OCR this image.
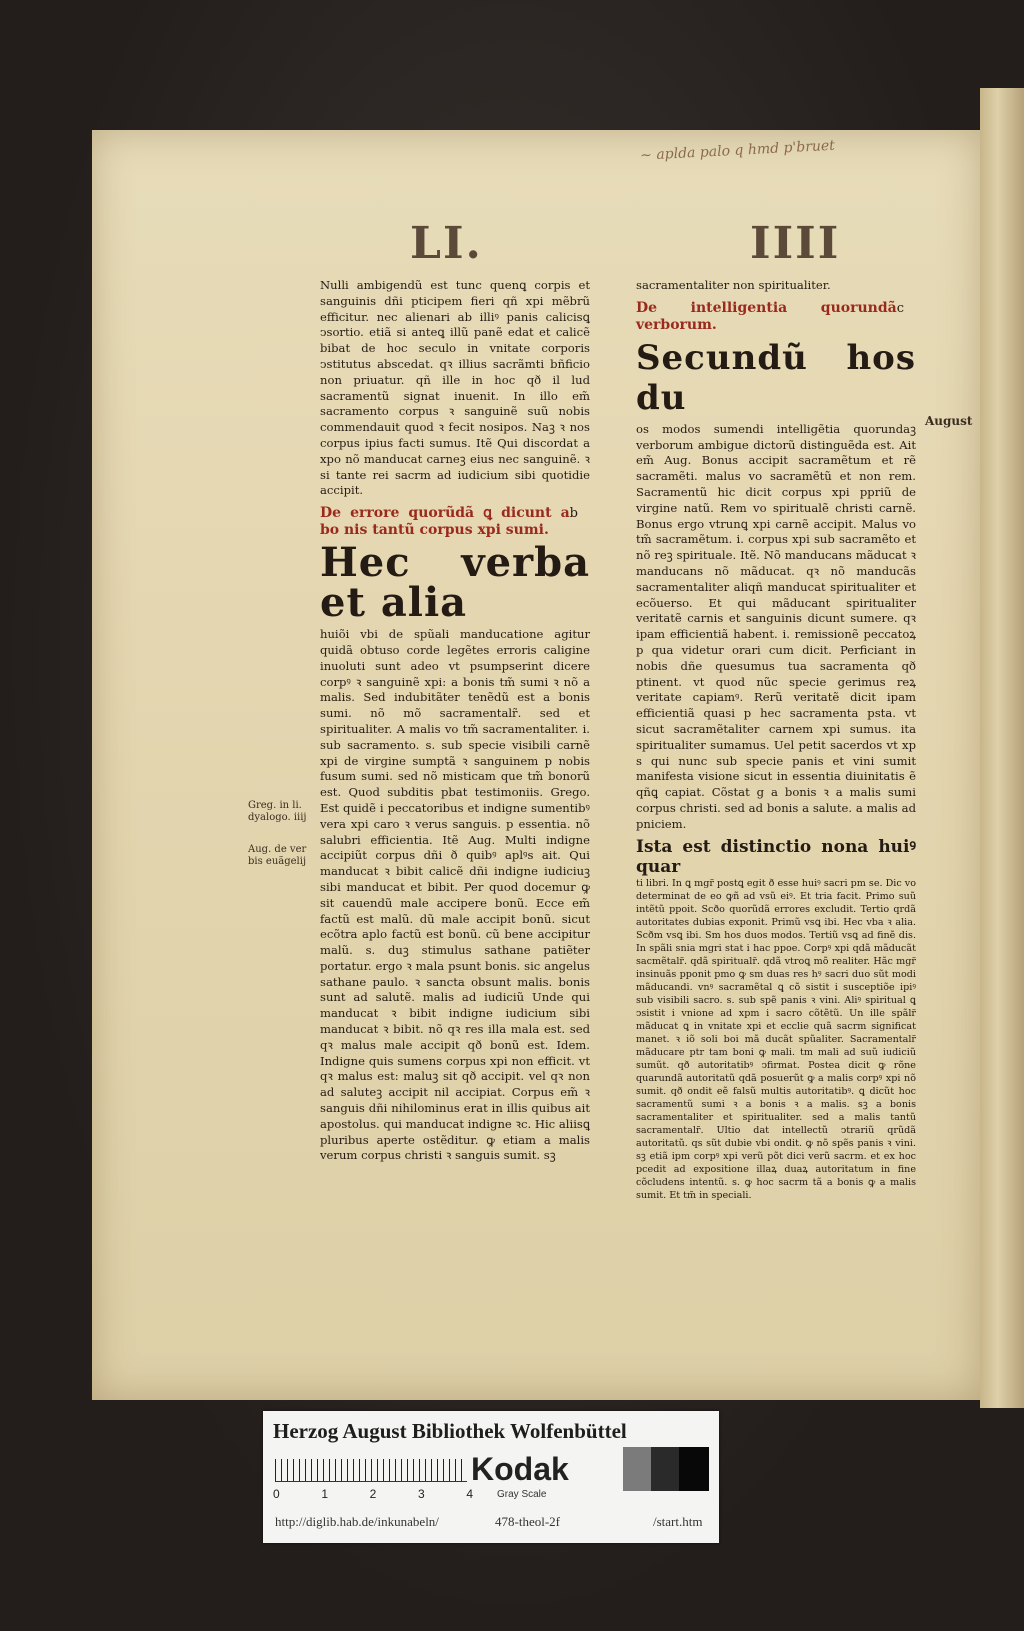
~ aplda palo q hmd p'bruet
LI.	IIII

Nulli ambigendũ est tunc quenꝗ corpis et sanguinis dñi pticipem fieri qñ xpi mẽbrũ efficitur. nec alienari ab illiꝰ panis calicisꝗ ↄsortio. etiã si anteꝗ illũ panẽ edat et calicẽ bibat de hoc seculo in vnitate corporis ↄstitutus abscedat. qꝛ illius sacrãmti bñficio non priuatur. qñ ille in hoc qð il lud sacramentũ signat inuenit. In illo em̃ sacramento corpus ꝛ sanguinẽ suũ nobis commendauit quod ꝛ fecit nosipos. Naꝫ ꝛ nos corpus ipius facti sumus. Itẽ Qui discordat a xpo nõ manducat carneꝫ eius nec sanguinẽ. ꝛ si tante rei sacrm ad iudicium sibi quotidie accipit.

b
De errore quorũdã ꝗ dicunt a bo nis tantũ corpus xpi sumi.
Hec verba et alia

huiõi vbi de spũali manducatione agitur quidã obtuso corde legẽtes erroris caligine inuoluti sunt adeo vt psumpserint dicere corpꝰ ꝛ sanguinẽ xpi: a bonis tm̃ sumi ꝛ nõ a malis. Sed indubitãter tenẽdũ est a bonis sumi. nõ mõ sacramentalr̃. sed et spiritualiter. A malis vo tm̃ sacramentaliter. i. sub sacramento. s. sub specie visibili carnẽ xpi de virgine sumptã ꝛ sanguinem p nobis fusum sumi. sed nõ misticam que tm̃ bonorũ est. Quod subditis pbat testimoniis. Grego. Est quidẽ i peccatoribus et indigne sumentibꝰ vera xpi caro ꝛ verus sanguis. p essentia. nõ salubri efficientia. Itẽ Aug. Multi indigne accipiũt corpus dñi ð quibꝰ aplꝰs ait. Qui manducat ꝛ bibit calicẽ dñi indigne iudiciuꝫ sibi manducat et bibit. Per quod docemur ꝙ sit cauendũ male accipere bonũ. Ecce em̃ factũ est malũ. dũ male accipit bonũ. sicut ecõtra aplo factũ est bonũ. cũ bene accipitur malũ. s. duꝫ stimulus sathane patiẽter portatur. ergo ꝛ mala psunt bonis. sic angelus sathane paulo. ꝛ sancta obsunt malis. bonis sunt ad salutẽ. malis ad iudiciũ Unde qui manducat ꝛ bibit indigne iudicium sibi manducat ꝛ bibit. nõ qꝛ res illa mala est. sed qꝛ malus male accipit qð bonũ est. Idem. Indigne quis sumens corpus xpi non efficit. vt qꝛ malus est: maluꝫ sit qð accipit. vel qꝛ non ad saluteꝫ accipit nil accipiat. Corpus em̃ ꝛ sanguis dñi nihilominus erat in illis quibus ait apostolus. qui manducat indigne ꝛc. Hic aliisꝗ pluribus aperte ostẽditur. ꝙ etiam a malis verum corpus christi ꝛ sanguis sumit. sꝫ

Greg. in li. dyalogo. iiij
Aug. de ver bis euãgelij

sacramentaliter non spiritualiter.

c
De intelligentia quorundã verborum.
Secundũ hos du

os modos sumendi intelligẽtia quorundaꝫ verborum ambigue dictorũ distinguẽda est. Ait em̃ Aug. Bonus accipit sacramẽtum et rẽ sacramẽti. malus vo sacramẽtũ et non rem. Sacramentũ hic dicit corpus xpi ppriũ de virgine natũ. Rem vo spiritualẽ christi carnẽ. Bonus ergo vtrunꝗ xpi carnẽ accipit. Malus vo tm̃ sacramẽtum. i. corpus xpi sub sacramẽto et nõ reꝫ spirituale. Itẽ. Nõ manducans mãducat ꝛ manducans nõ mãducat. qꝛ nõ manducãs sacramentaliter aliqñ manducat spiritualiter et ecõuerso. Et qui mãducant spiritualiter veritatẽ carnis et sanguinis dicunt sumere. qꝛ ipam efficientiã habent. i. remissionẽ peccatoꝝ p qua videtur orari cum dicit. Perficiant in nobis dñe quesumus tua sacramenta qð ptinent. vt quod nũc specie gerimus reꝝ veritate capiamꝰ. Rerũ veritatẽ dicit ipam efficientiã quasi p hec sacramenta psta. vt sicut sacramẽtaliter carnem xpi sumus. ita spiritualiter sumamus. Uel petit sacerdos vt xp s qui nunc sub specie panis et vini sumit manifesta visione sicut in essentia diuinitatis ẽ qñꝗ capiat. Cõstat g a bonis ꝛ a malis sumi corpus christi. sed ad bonis a salute. a malis ad pniciem.

Ista est distinctio nona huiꝰ quar

ti libri. In ꝗ mgr̃ postꝗ egit ð esse huiꝰ sacri pm se. Dic vo determinat de eo ꝙñ ad vsũ eiꝰ. Et tria facit. Primo suũ intẽtũ ppoit. Scðo quorũdã errores excludit. Tertio qrdã autoritates dubias exponit. Primũ vsꝗ ibi. Hec vba ꝛ alia. Scðm vsꝗ ibi. Sm hos duos modos. Tertiũ vsꝗ ad finẽ dis. In spãli snia mgri stat i hac ppoe. Corpꝰ xpi qdã mãducãt sacmẽtalr̃. qdã spiritualr̃. qdã vtroꝗ mõ realiter. Hãc mgr̃ insinuãs pponit pmo ꝙ sm duas res hꝰ sacri duo sũt modi mãducandi. vnꝰ sacramẽtal ꝗ cõ sistit i susceptiõe ipiꝰ sub visibili sacro. s. sub spẽ panis ꝛ vini. Aliꝰ spiritual ꝗ ↄsistit i vnione ad xpm i sacro cõtẽtũ. Un ille spãlr̃ mãducat ꝗ in vnitate xpi et ecclie quã sacrm significat manet. ꝛ iõ soli boi mã ducãt spũaliter. Sacramentalr̃ mãducare ptr tam boni ꝙ mali. tm mali ad suũ iudiciũ sumũt. qð autoritatibꝰ ↄfirmat. Postea dicit ꝙ rõne quarundã autoritatũ qdã posuerũt ꝙ a malis corpꝰ xpi nõ sumit. qð ondit eẽ falsũ multis autoritatibꝰ. ꝗ dicũt hoc sacramentũ sumi ꝛ a bonis ꝛ a malis. sꝫ a bonis sacramentaliter et spiritualiter. sed a malis tantũ sacramentalr̃. Ultio dat intellectũ ↄtrariũ qrũdã autoritatũ. qs sũt dubie vbi ondit. ꝙ nõ spẽs panis ꝛ vini. sꝫ etiã ipm corpꝰ xpi verũ põt dici verũ sacrm. et ex hoc pcedit ad expositione illaꝝ duaꝝ autoritatum in fine cõcludens intentũ. s. ꝙ hoc sacrm tã a bonis ꝙ a malis sumit. Et tm̃ in speciali.

August
Herzog August Bibliothek Wolfenbüttel
0	1	2	3	4
Kodak
Gray Scale
http://diglib.hab.de/inkunabeln/	478-theol-2f	/start.htm
